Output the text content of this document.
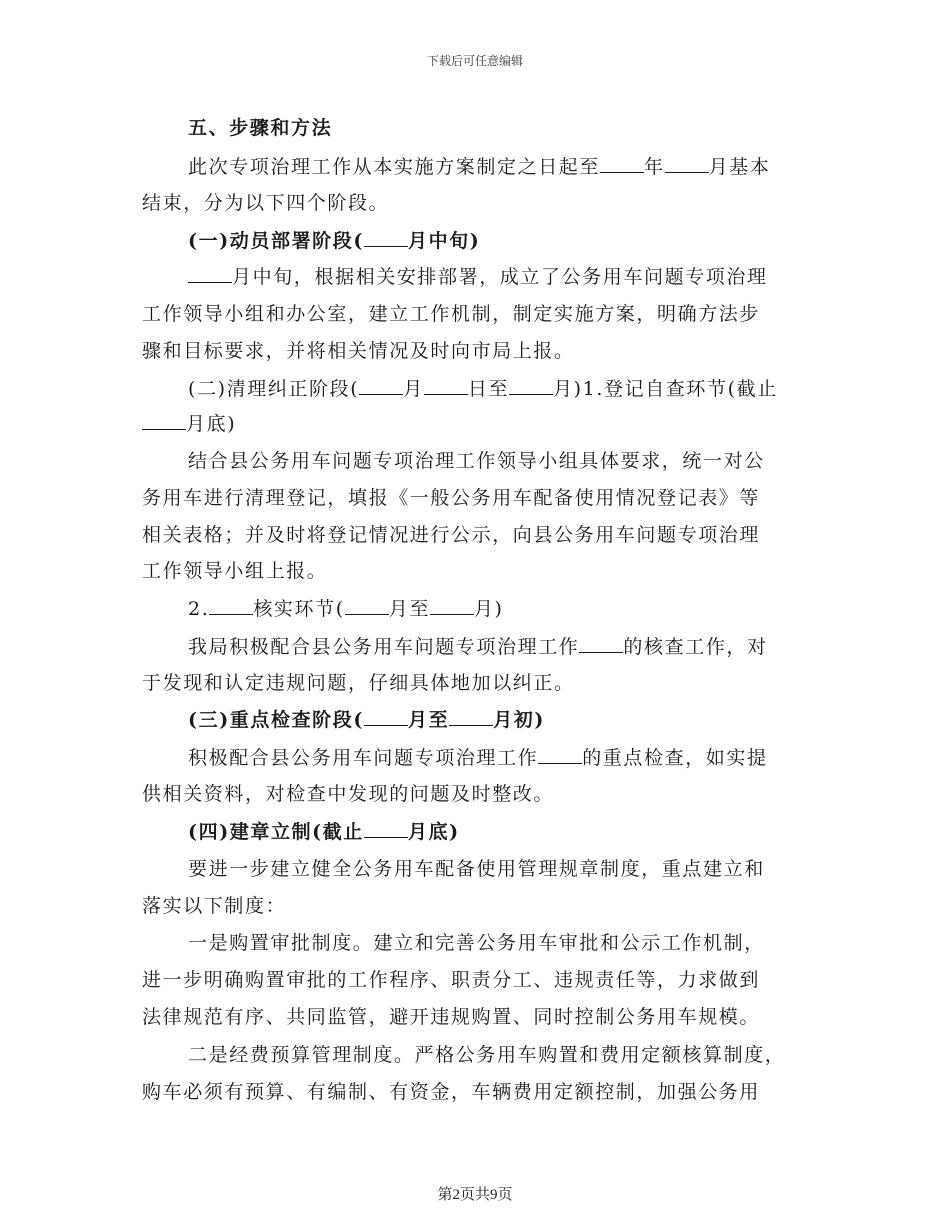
下载后可任意编辑
五、步骤和方法
此次专项治理工作从本实施方案制定之日起至 年 月基本
结束，分为以下四个阶段。
(一)动员部署阶段( 月中旬)
月中旬，根据相关安排部署，成立了公务用车问题专项治理
工作领导小组和办公室，建立工作机制，制定实施方案，明确方法步
骤和目标要求，并将相关情况及时向市局上报。
(二)清理纠正阶段( 月 日至 月)1.登记自查环节(截止
月底)
结合县公务用车问题专项治理工作领导小组具体要求，统一对公
务用车进行清理登记，填报《一般公务用车配备使用情况登记表》等
相关表格；并及时将登记情况进行公示，向县公务用车问题专项治理
工作领导小组上报。
2. 核实环节( 月至 月)
我局积极配合县公务用车问题专项治理工作 的核查工作，对
于发现和认定违规问题，仔细具体地加以纠正。
(三)重点检查阶段( 月至 月初)
积极配合县公务用车问题专项治理工作 的重点检查，如实提
供相关资料，对检查中发现的问题及时整改。
(四)建章立制(截止 月底)
要进一步建立健全公务用车配备使用管理规章制度，重点建立和
落实以下制度：
一是购置审批制度。建立和完善公务用车审批和公示工作机制，
进一步明确购置审批的工作程序、职责分工、违规责任等，力求做到
法律规范有序、共同监管，避开违规购置、同时控制公务用车规模。
二是经费预算管理制度。严格公务用车购置和费用定额核算制度，
购车必须有预算、有编制、有资金，车辆费用定额控制，加强公务用
第2页共9页
